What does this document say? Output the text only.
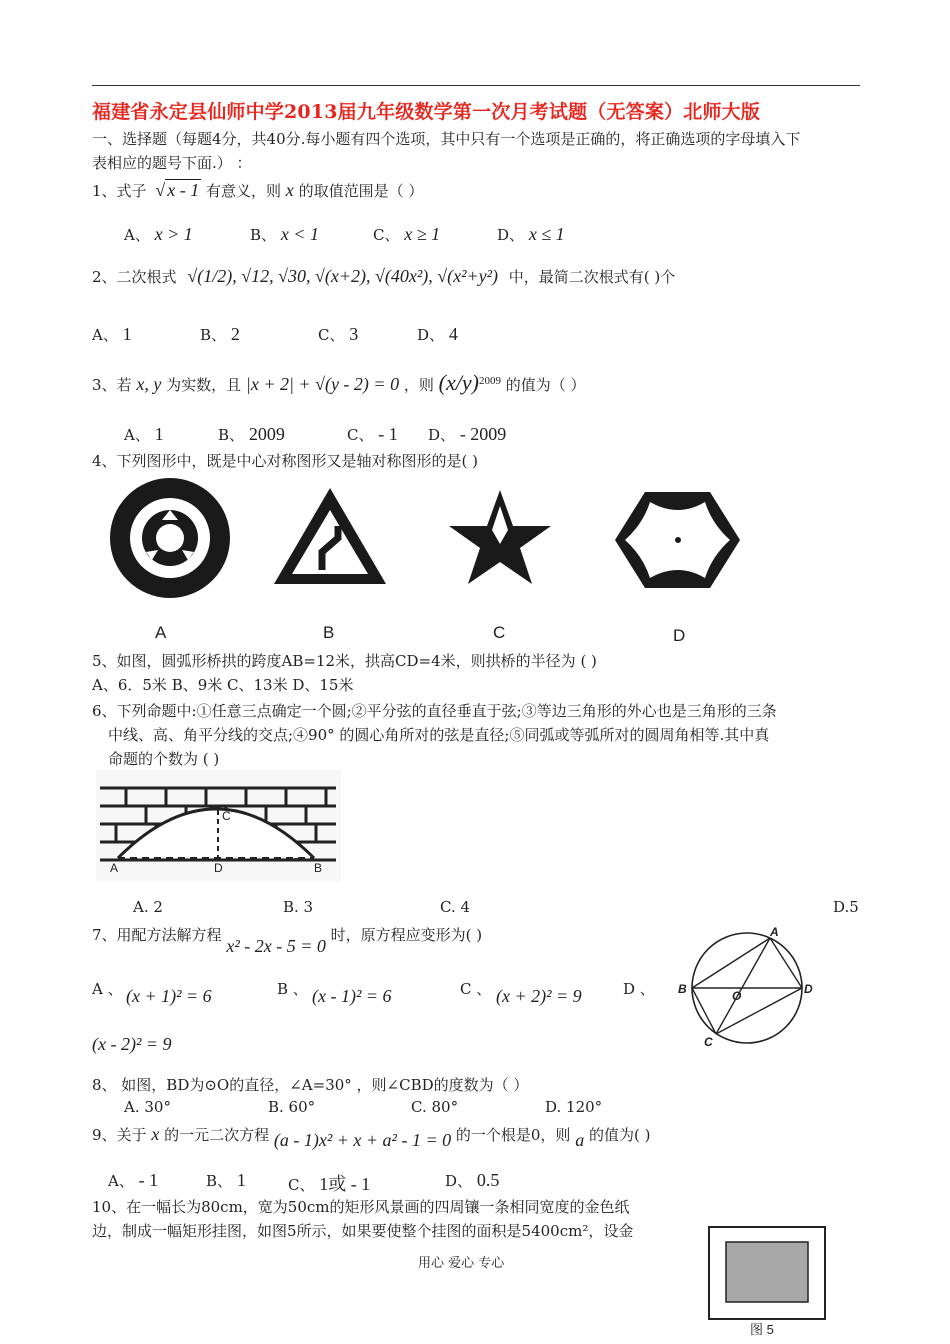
福建省永定县仙师中学2013届九年级数学第一次月考试题（无答案）北师大版
一、选择题（每题4分，共40分.每小题有四个选项，其中只有一个选项是正确的，将正确选项的字母填入下
表相应的题号下面.） ：
1、式子 √ x - 1 有意义，则 x 的取值范围是（ ）
A、 x > 1	B、 x < 1	C、 x ≥ 1	D、 x ≤ 1
2、二次根式 √(1/2), √12, √30, √(x+2), √(40x²), √(x²+y²) 中，最简二次根式有( )个
A、 1	B、 2	C、 3	D、 4
3、若 x, y 为实数，且 |x + 2| + √(y - 2) = 0 ，则 $(x/y)^{2009}$ 的值为（ ）
A、 1	B、 2009	C、 - 1 D、 - 2009
4、下列图形中，既是中心对称图形又是轴对称图形的是( )
A	B	C	D
5、如图，圆弧形桥拱的跨度AB=12米，拱高CD=4米，则拱桥的半径为 ( )
A、6．5米 B、9米 C、13米 D、15米
6、下列命题中:①任意三点确定一个圆;②平分弦的直径垂直于弦;③等边三角形的外心也是三角形的三条
中线、高、角平分线的交点;④90° 的圆心角所对的弦是直径;⑤同弧或等弧所对的圆周角相等.其中真
命题的个数为 ( )
C
A	D	B
A. 2	B. 3	C. 4	D.5
7、用配方法解方程 x² - 2x - 5 = 0 时，原方程应变形为( )
A 、 (x + 1)² = 6	B 、 (x - 1)² = 6	C 、 (x + 2)² = 9	D 、
(x - 2)² = 9
A
B	O	D
C
8、 如图，BD为⊙O的直径，∠A=30° ，则∠CBD的度数为（ ）
A. 30°	B. 60°	C. 80°	D. 120°
9、关于 x 的一元二次方程 (a - 1)x² + x + a² - 1 = 0 的一个根是0，则 a 的值为( )
A、 - 1	B、 1	C、 1或 - 1	D、 0.5
10、在一幅长为80cm，宽为50cm的矩形风景画的四周镶一条相同宽度的金色纸
边，制成一幅矩形挂图，如图5所示，如果要使整个挂图的面积是5400cm²，设金
图 5
用心 爱心 专心
